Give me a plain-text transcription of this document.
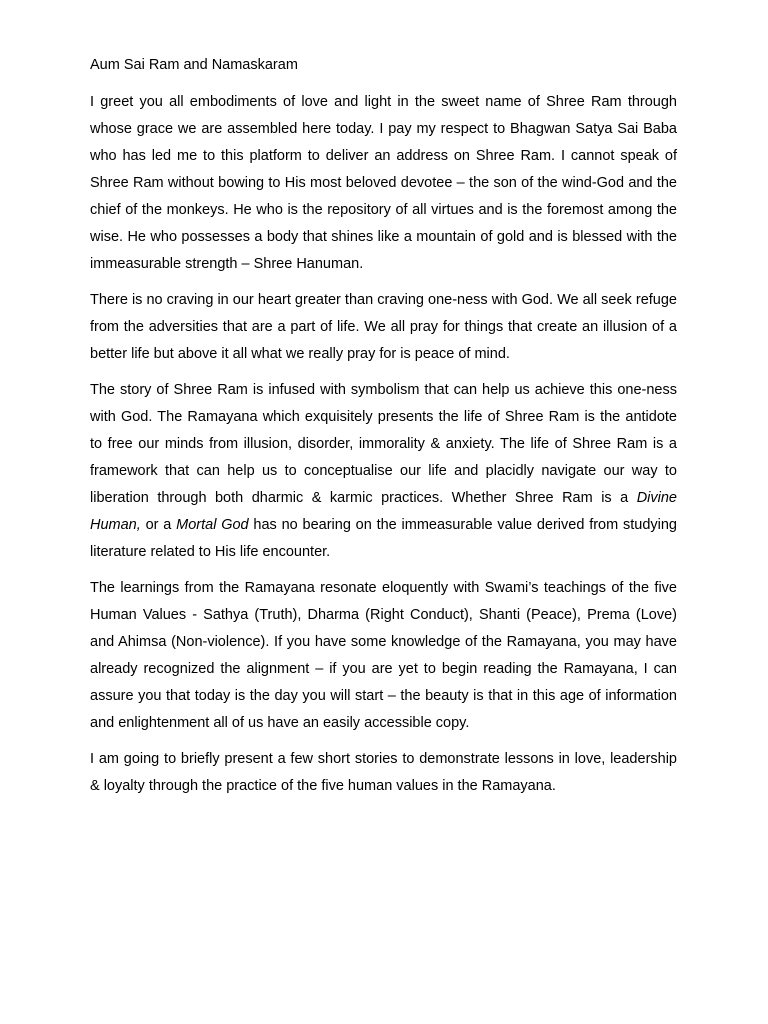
Aum Sai Ram and Namaskaram

I greet you all embodiments of love and light in the sweet name of Shree Ram through whose grace we are assembled here today. I pay my respect to Bhagwan Satya Sai Baba who has led me to this platform to deliver an address on Shree Ram. I cannot speak of Shree Ram without bowing to His most beloved devotee – the son of the wind-God and the chief of the monkeys. He who is the repository of all virtues and is the foremost among the wise. He who possesses a body that shines like a mountain of gold and is blessed with the immeasurable strength – Shree Hanuman.

There is no craving in our heart greater than craving one-ness with God. We all seek refuge from the adversities that are a part of life. We all pray for things that create an illusion of a better life but above it all what we really pray for is peace of mind.

The story of Shree Ram is infused with symbolism that can help us achieve this one-ness with God. The Ramayana which exquisitely presents the life of Shree Ram is the antidote to free our minds from illusion, disorder, immorality & anxiety. The life of Shree Ram is a framework that can help us to conceptualise our life and placidly navigate our way to liberation through both dharmic & karmic practices. Whether Shree Ram is a Divine Human, or a Mortal God has no bearing on the immeasurable value derived from studying literature related to His life encounter.

The learnings from the Ramayana resonate eloquently with Swami’s teachings of the five Human Values - Sathya (Truth), Dharma (Right Conduct), Shanti (Peace), Prema (Love) and Ahimsa (Non-violence). If you have some knowledge of the Ramayana, you may have already recognized the alignment – if you are yet to begin reading the Ramayana, I can assure you that today is the day you will start – the beauty is that in this age of information and enlightenment all of us have an easily accessible copy.

I am going to briefly present a few short stories to demonstrate lessons in love, leadership & loyalty through the practice of the five human values in the Ramayana.
